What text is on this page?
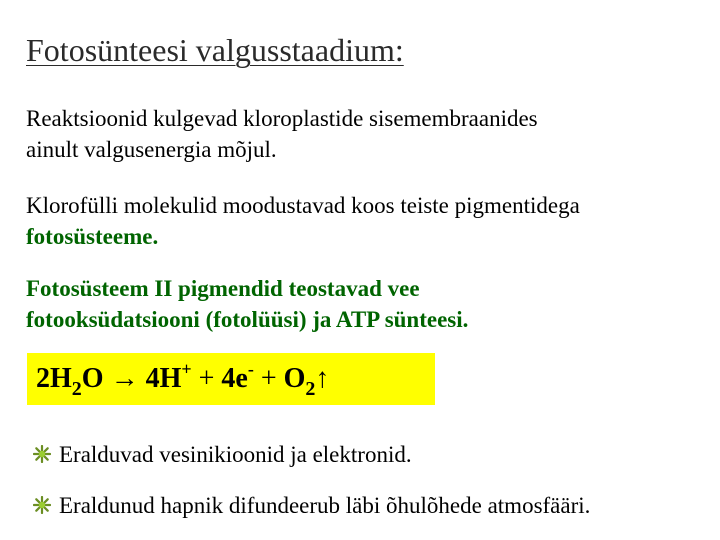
Fotosünteesi valgusstaadium:
Reaktsioonid kulgevad kloroplastide sisemembraanides
ainult valgusenergia mõjul.
Klorofülli molekulid moodustavad koos teiste pigmentidega
fotosüsteeme.
Fotosüsteem II pigmendid teostavad vee
fotooksüdatsiooni (fotolüüsi) ja ATP sünteesi.
$2H_2O \to 4H^+ + 4e^-$ + $O_2↑$
Eralduvad vesinikioonid ja elektronid.
Eraldunud hapnik difundeerub läbi õhulõhede atmosfääri.
